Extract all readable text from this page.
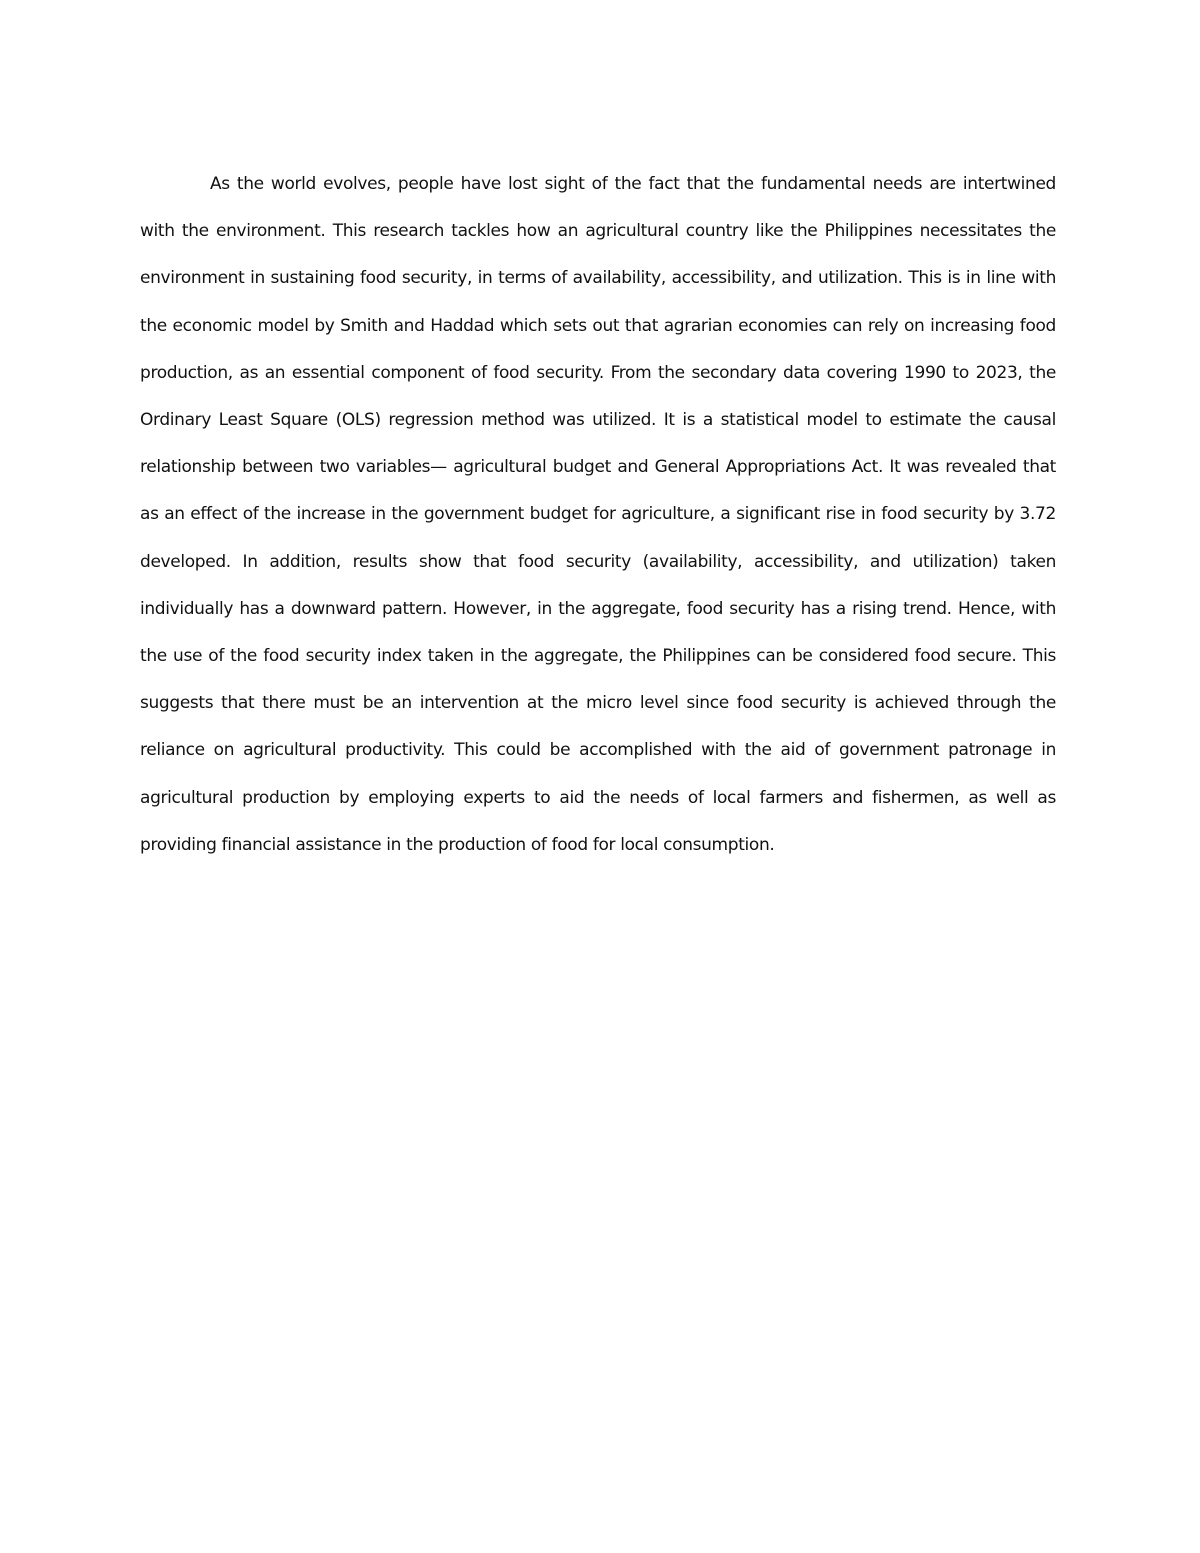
As the world evolves, people have lost sight of the fact that the fundamental needs are intertwined with the environment. This research tackles how an agricultural country like the Philippines necessitates the environment in sustaining food security, in terms of availability, accessibility, and utilization. This is in line with the economic model by Smith and Haddad which sets out that agrarian economies can rely on increasing food production, as an essential component of food security. From the secondary data covering 1990 to 2023, the Ordinary Least Square (OLS) regression method was utilized. It is a statistical model to estimate the causal relationship between two variables— agricultural budget and General Appropriations Act. It was revealed that as an effect of the increase in the government budget for agriculture, a significant rise in food security by 3.72 developed. In addition, results show that food security (availability, accessibility, and utilization) taken individually has a downward pattern. However, in the aggregate, food security has a rising trend. Hence, with the use of the food security index taken in the aggregate, the Philippines can be considered food secure. This suggests that there must be an intervention at the micro level since food security is achieved through the reliance on agricultural productivity. This could be accomplished with the aid of government patronage in agricultural production by employing experts to aid the needs of local farmers and fishermen, as well as providing financial assistance in the production of food for local consumption.
